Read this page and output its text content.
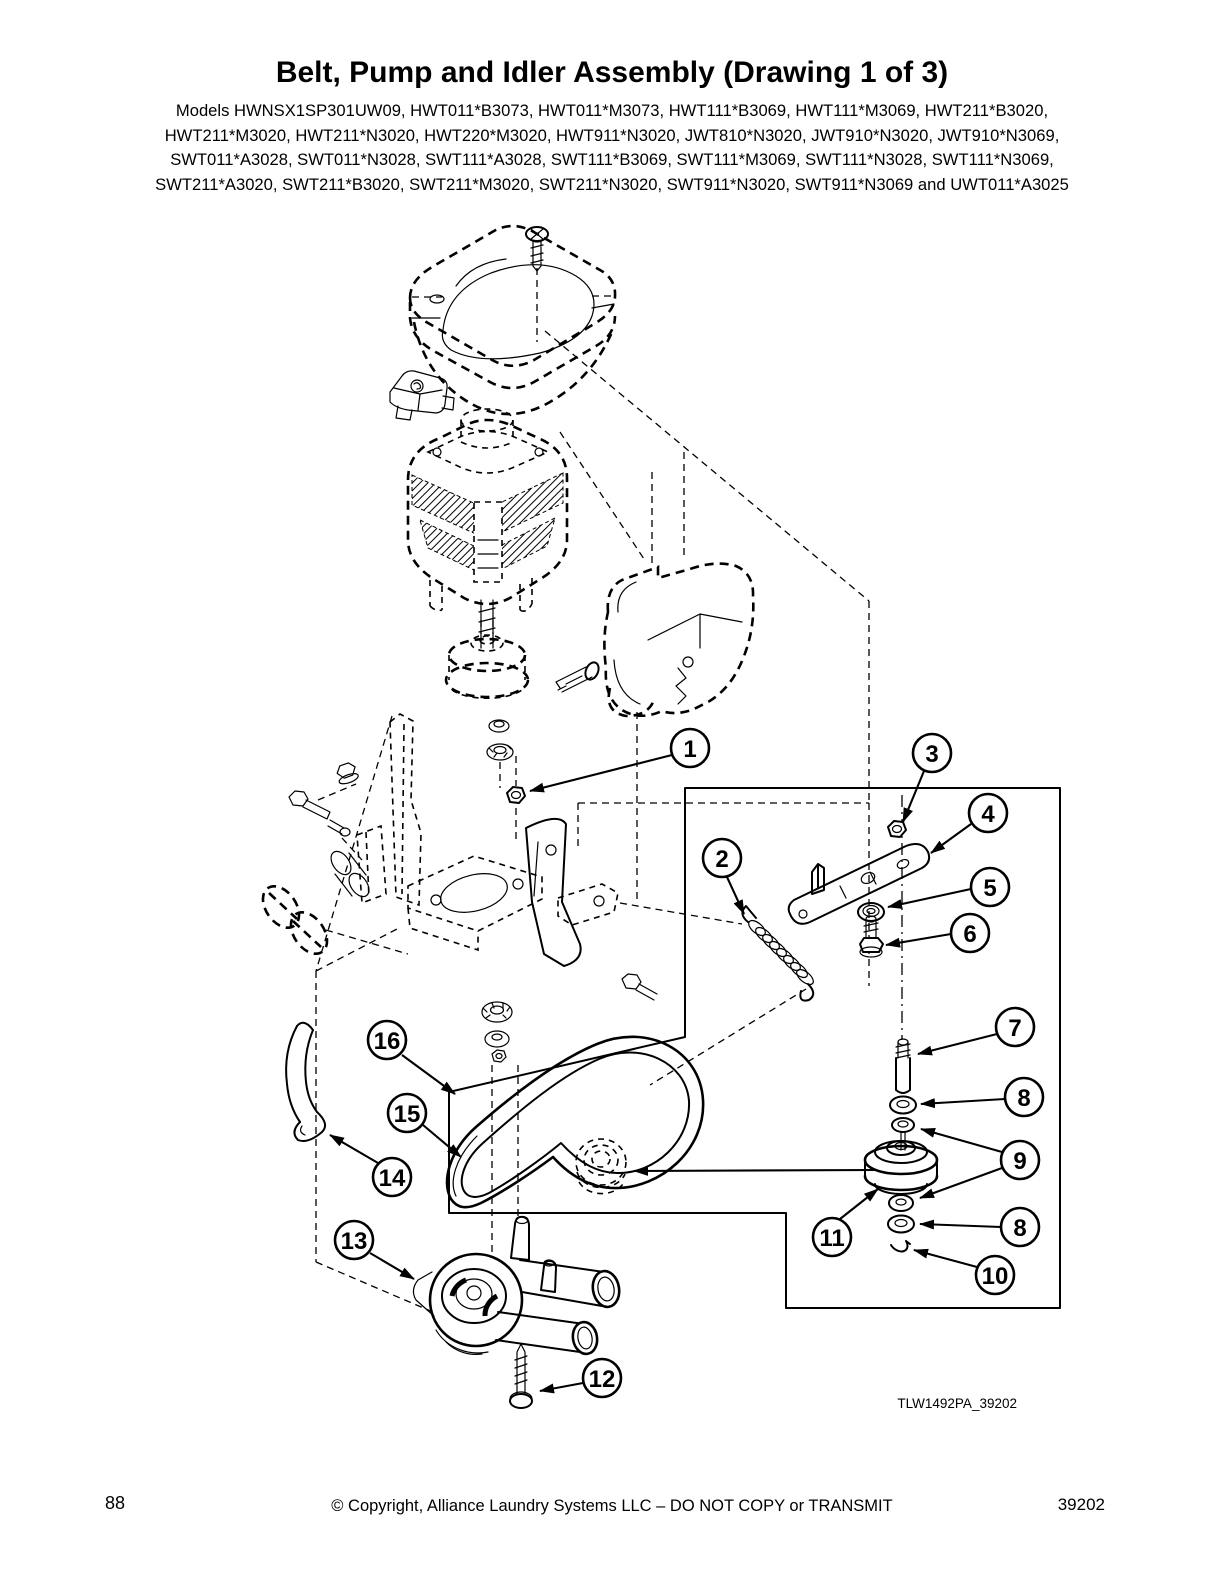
Belt, Pump and Idler Assembly (Drawing 1 of 3)
Models HWNSX1SP301UW09, HWT011*B3073, HWT011*M3073, HWT111*B3069, HWT111*M3069, HWT211*B3020,
HWT211*M3020, HWT211*N3020, HWT220*M3020, HWT911*N3020, JWT810*N3020, JWT910*N3020, JWT910*N3069,
SWT011*A3028, SWT011*N3028, SWT111*A3028, SWT111*B3069, SWT111*M3069, SWT111*N3028, SWT111*N3069,
SWT211*A3020, SWT211*B3020, SWT211*M3020, SWT211*N3020, SWT911*N3020, SWT911*N3069 and UWT011*A3025
1
2
3
4
5
6
7
8
9
8
10
11
12
13
14
15
16
TLW1492PA_39202
88	© Copyright, Alliance Laundry Systems LLC – DO NOT COPY or TRANSMIT	39202
